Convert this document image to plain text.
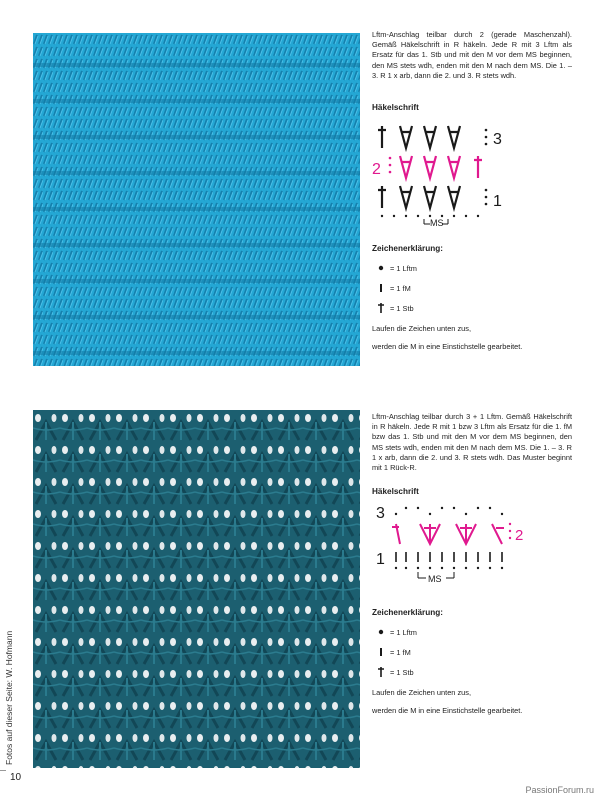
Lftm-Anschlag teilbar durch 2 (gerade Maschenzahl). Gemäß Häkelschrift in R häkeln. Jede R mit 3 Lftm als Ersatz für das 1. Stb und mit den M vor dem MS beginnen, den MS stets wdh, enden mit den M nach dem MS. Die 1. – 3. R 1 x arb, dann die 2. und 3. R stets wdh.

Häkelschrift
3
2
1
MS
Zeichenerklärung:
= 1 Lftm
= 1 fM
= 1 Stb

Laufen die Zeichen unten zus,

werden die M in eine Einstichstelle gearbeitet.

Lftm-Anschlag teilbar durch 3 + 1 Lftm. Gemäß Häkelschrift in R häkeln. Jede R mit 1 bzw 3 Lftm als Ersatz für die 1. fM bzw das 1. Stb und mit den M vor dem MS beginnen, den MS stets wdh, enden mit den M nach dem MS. Die 1. – 3. R 1 x arb, dann die 2. und 3. R stets wdh. Das Muster beginnt mit 1 Rück-R.

Häkelschrift
3
2
1
MS
Zeichenerklärung:
= 1 Lftm
= 1 fM
= 1 Stb

Laufen die Zeichen unten zus,

werden die M in eine Einstichstelle gearbeitet.

Fotos auf dieser Seite: W. Hofmann
10
PassionForum.ru
